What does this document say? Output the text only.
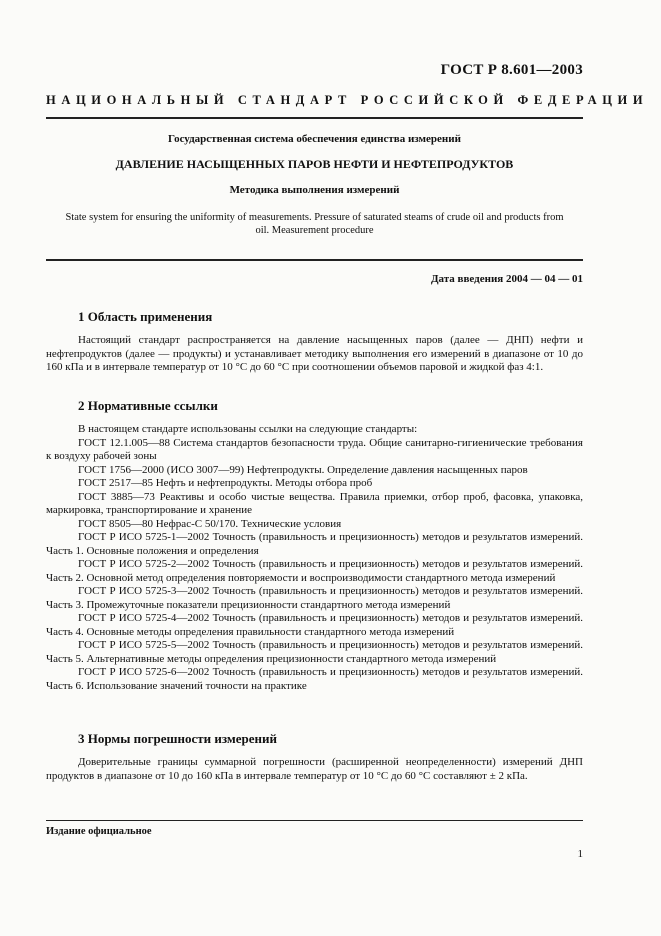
ГОСТ Р 8.601—2003
НАЦИОНАЛЬНЫЙ СТАНДАРТ РОССИЙСКОЙ ФЕДЕРАЦИИ
Государственная система обеспечения единства измерений
ДАВЛЕНИЕ НАСЫЩЕННЫХ ПАРОВ НЕФТИ И НЕФТЕПРОДУКТОВ
Методика выполнения измерений
State system for ensuring the uniformity of measurements. Pressure of saturated steams of crude oil and products from oil. Measurement procedure
Дата введения 2004 — 04 — 01
1 Область применения
Настоящий стандарт распространяется на давление насыщенных паров (далее — ДНП) нефти и нефтепродуктов (далее — продукты) и устанавливает методику выполнения его измерений в диапазоне от 10 до 160 кПа и в интервале температур от 10 °С до 60 °С при соотношении объемов паровой и жидкой фаз 4:1.
2 Нормативные ссылки

В настоящем стандарте использованы ссылки на следующие стандарты:

ГОСТ 12.1.005—88 Система стандартов безопасности труда. Общие санитарно-гигиенические требования к воздуху рабочей зоны

ГОСТ 1756—2000 (ИСО 3007—99) Нефтепродукты. Определение давления насыщенных паров

ГОСТ 2517—85 Нефть и нефтепродукты. Методы отбора проб

ГОСТ 3885—73 Реактивы и особо чистые вещества. Правила приемки, отбор проб, фасовка, упаковка, маркировка, транспортирование и хранение

ГОСТ 8505—80 Нефрас-С 50/170. Технические условия

ГОСТ Р ИСО 5725-1—2002 Точность (правильность и прецизионность) методов и результатов измерений. Часть 1. Основные положения и определения

ГОСТ Р ИСО 5725-2—2002 Точность (правильность и прецизионность) методов и результатов измерений. Часть 2. Основной метод определения повторяемости и воспроизводимости стандартного метода измерений

ГОСТ Р ИСО 5725-3—2002 Точность (правильность и прецизионность) методов и результатов измерений. Часть 3. Промежуточные показатели прецизионности стандартного метода измерений

ГОСТ Р ИСО 5725-4—2002 Точность (правильность и прецизионность) методов и результатов измерений. Часть 4. Основные методы определения правильности стандартного метода измерений

ГОСТ Р ИСО 5725-5—2002 Точность (правильность и прецизионность) методов и результатов измерений. Часть 5. Альтернативные методы определения прецизионности стандартного метода измерений

ГОСТ Р ИСО 5725-6—2002 Точность (правильность и прецизионность) методов и результатов измерений. Часть 6. Использование значений точности на практике

3 Нормы погрешности измерений
Доверительные границы суммарной погрешности (расширенной неопределенности) измерений ДНП продуктов в диапазоне от 10 до 160 кПа в интервале температур от 10 °С до 60 °С составляют ± 2 кПа.
Издание официальное
1
